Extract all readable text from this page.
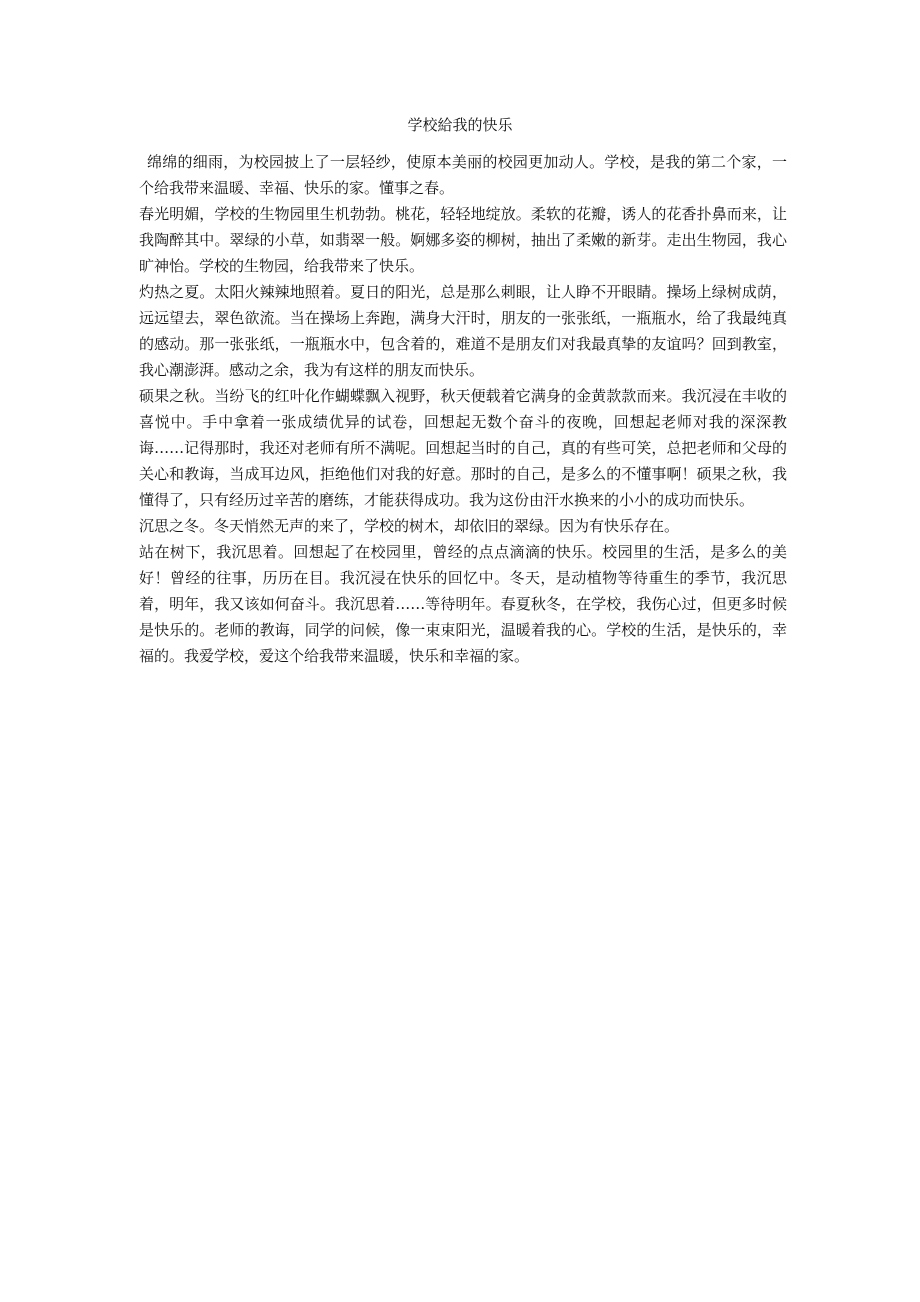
学校給我的快乐

绵绵的细雨，为校园披上了一层轻纱，使原本美丽的校园更加动人。学校，是我的第二个家，一个给我带来温暖、幸福、快乐的家。懂事之春。

春光明媚，学校的生物园里生机勃勃。桃花，轻轻地绽放。柔软的花瓣，诱人的花香扑鼻而来，让我陶醉其中。翠绿的小草，如翡翠一般。婀娜多姿的柳树，抽出了柔嫩的新芽。走出生物园，我心旷神怡。学校的生物园，给我带来了快乐。

灼热之夏。太阳火辣辣地照着。夏日的阳光，总是那么刺眼，让人睁不开眼睛。操场上绿树成荫，远远望去，翠色欲流。当在操场上奔跑，满身大汗时，朋友的一张张纸，一瓶瓶水，给了我最纯真的感动。那一张张纸，一瓶瓶水中，包含着的，难道不是朋友们对我最真挚的友谊吗？回到教室，我心潮澎湃。感动之余，我为有这样的朋友而快乐。

硕果之秋。当纷飞的红叶化作蝴蝶飘入视野，秋天便载着它满身的金黄款款而来。我沉浸在丰收的喜悦中。手中拿着一张成绩优异的试卷，回想起无数个奋斗的夜晚，回想起老师对我的深深教诲……记得那时，我还对老师有所不满呢。回想起当时的自己，真的有些可笑，总把老师和父母的关心和教诲，当成耳边风，拒绝他们对我的好意。那时的自己，是多么的不懂事啊！硕果之秋，我懂得了，只有经历过辛苦的磨练，才能获得成功。我为这份由汗水换来的小小的成功而快乐。

沉思之冬。冬天悄然无声的来了，学校的树木，却依旧的翠绿。因为有快乐存在。

站在树下，我沉思着。回想起了在校园里，曾经的点点滴滴的快乐。校园里的生活，是多么的美好！曾经的往事，历历在目。我沉浸在快乐的回忆中。冬天，是动植物等待重生的季节，我沉思着，明年，我又该如何奋斗。我沉思着……等待明年。春夏秋冬，在学校，我伤心过，但更多时候是快乐的。老师的教诲，同学的问候，像一束束阳光，温暖着我的心。学校的生活，是快乐的，幸福的。我爱学校，爱这个给我带来温暖，快乐和幸福的家。
